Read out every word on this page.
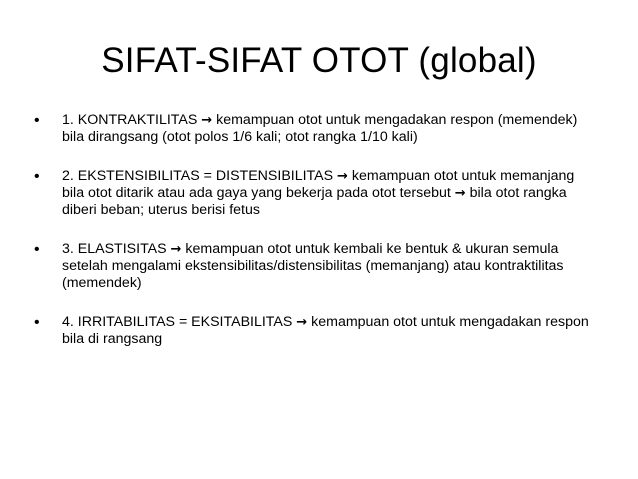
SIFAT-SIFAT OTOT (global)
• 1. KONTRAKTILITAS → kemampuan otot untuk mengadakan respon (memendek) bila dirangsang (otot polos 1/6 kali; otot rangka 1/10 kali)
• 2. EKSTENSIBILITAS = DISTENSIBILITAS → kemampuan otot untuk memanjang bila otot ditarik atau ada gaya yang bekerja pada otot tersebut → bila otot rangka diberi beban; uterus berisi fetus
• 3. ELASTISITAS → kemampuan otot untuk kembali ke bentuk & ukuran semula setelah mengalami ekstensibilitas/distensibilitas (memanjang) atau kontraktilitas (memendek)
• 4. IRRITABILITAS = EKSITABILITAS → kemampuan otot untuk mengadakan respon bila di rangsang
